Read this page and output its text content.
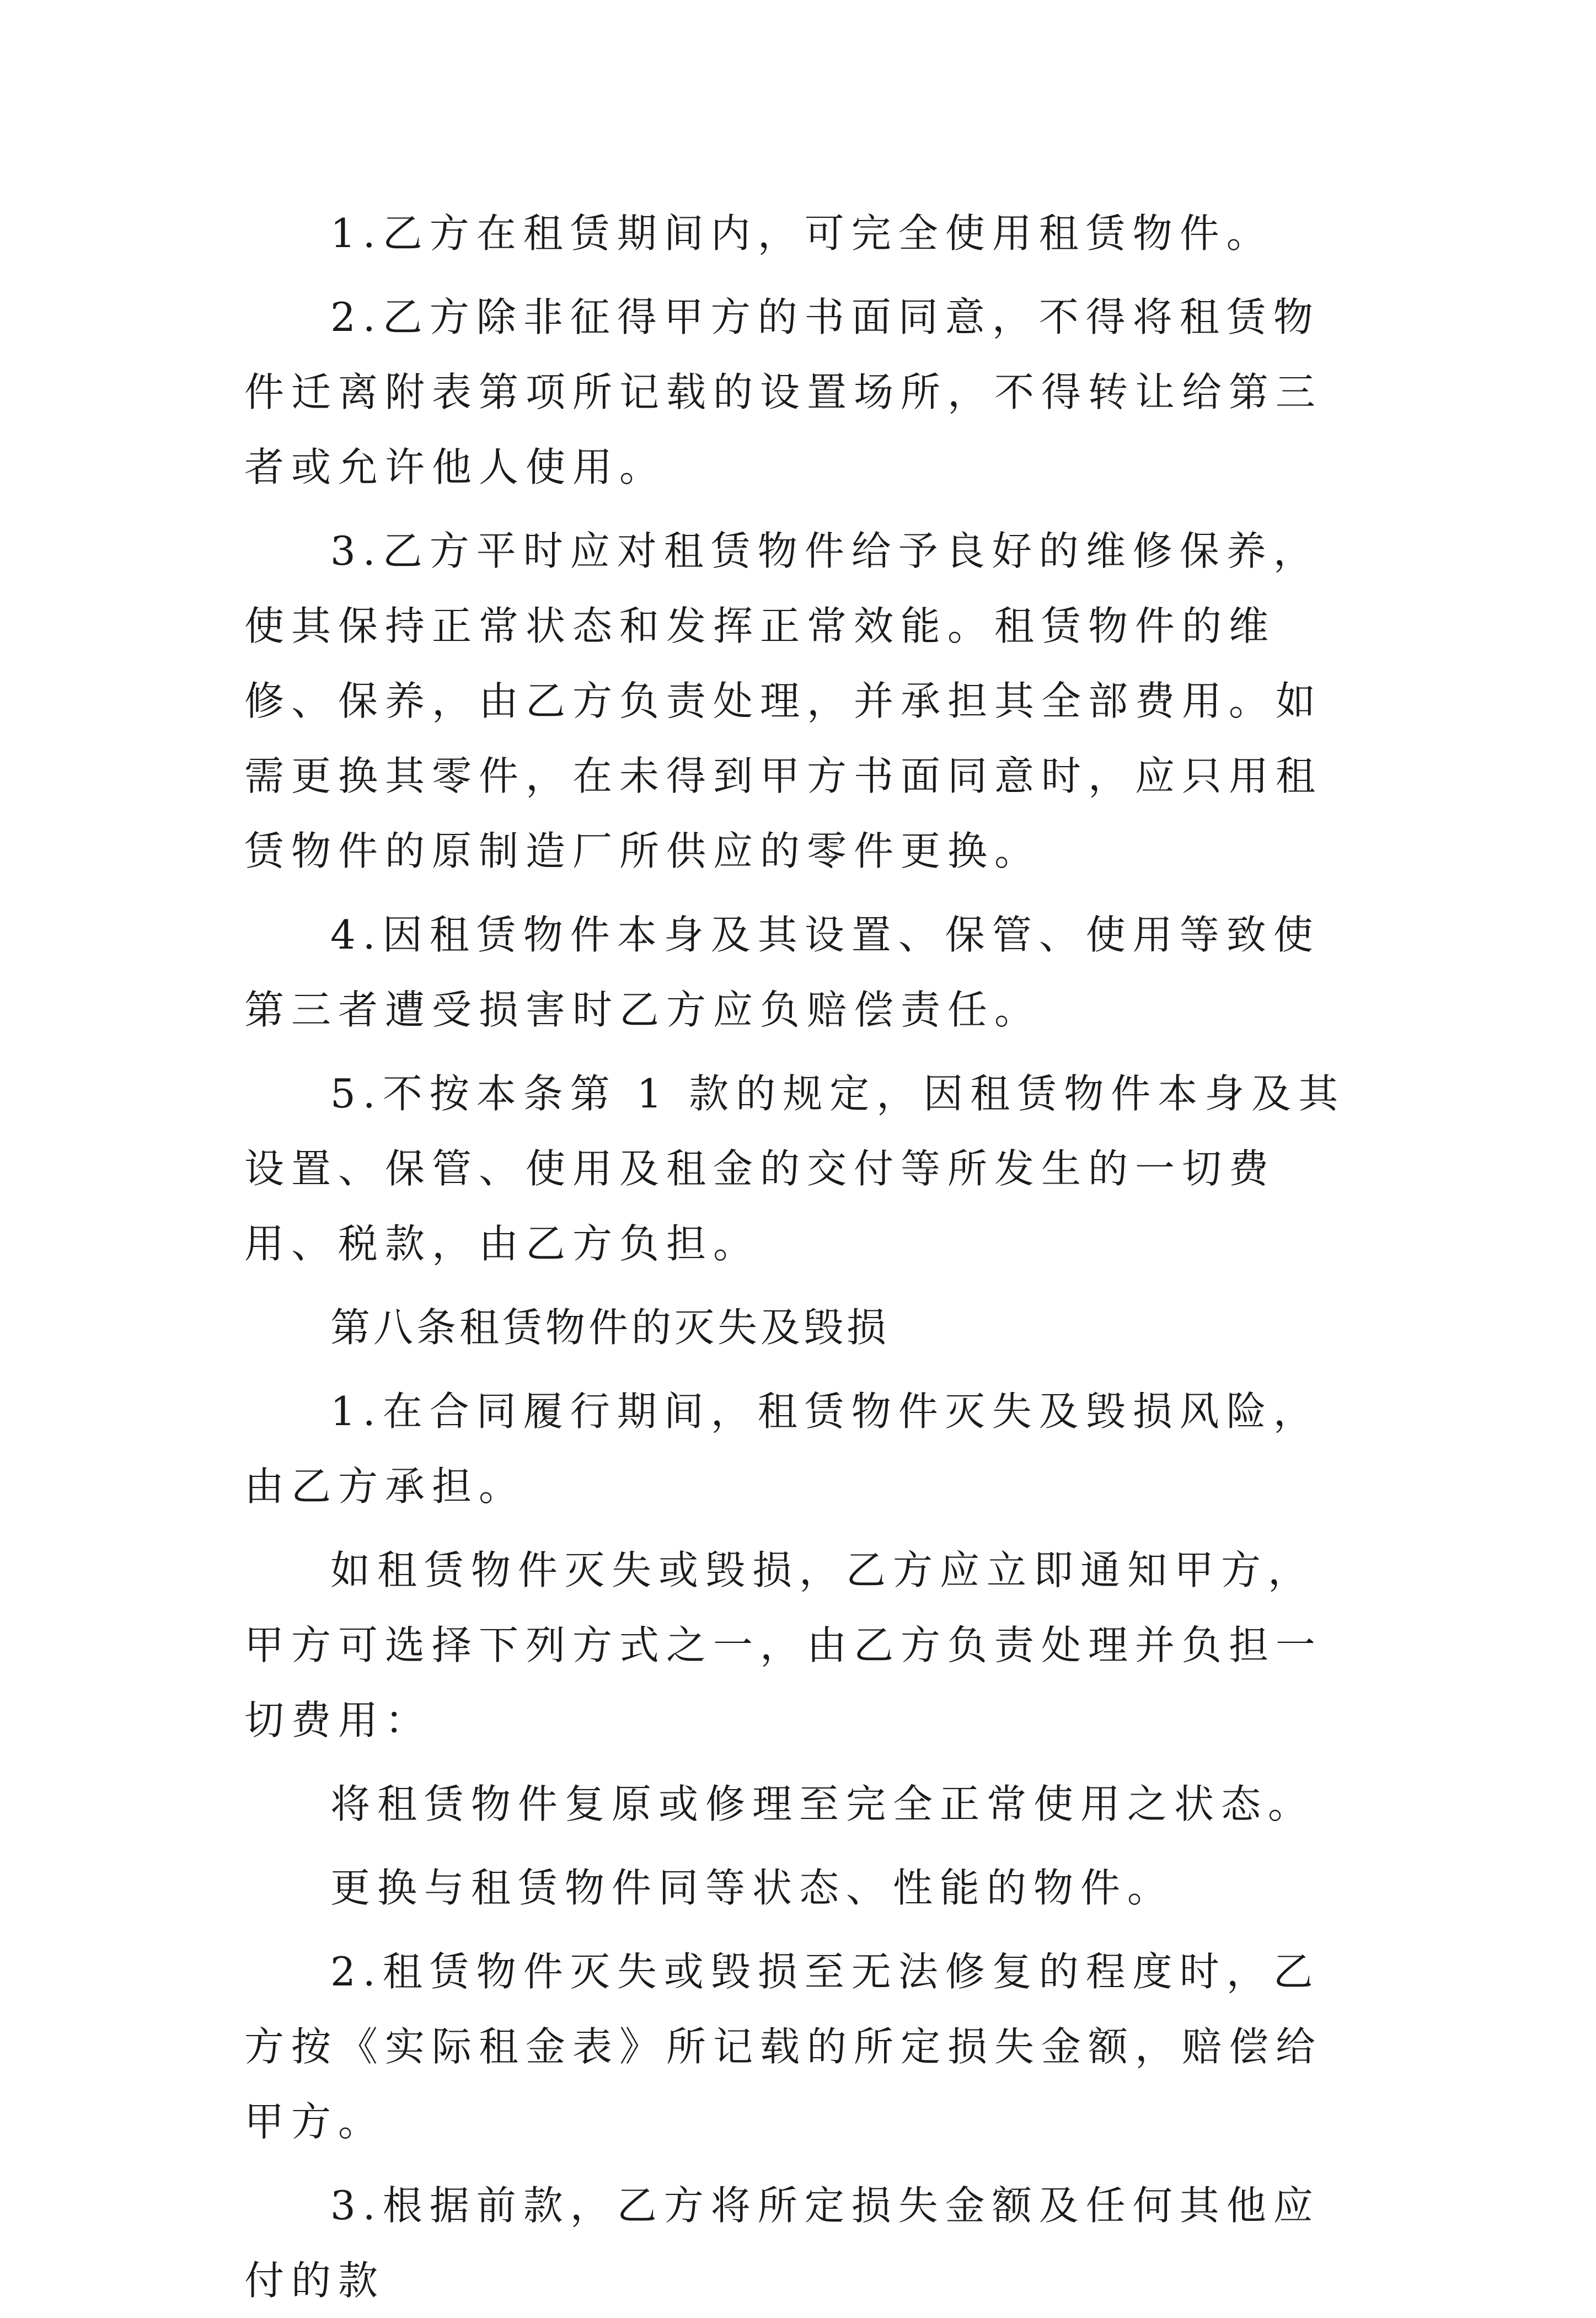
1.乙方在租赁期间内，可完全使用租赁物件。

2.乙方除非征得甲方的书面同意，不得将租赁物件迁离附表第项所记载的设置场所，不得转让给第三者或允许他人使用。

3.乙方平时应对租赁物件给予良好的维修保养，使其保持正常状态和发挥正常效能。租赁物件的维修、保养，由乙方负责处理，并承担其全部费用。如需更换其零件，在未得到甲方书面同意时，应只用租赁物件的原制造厂所供应的零件更换。

4.因租赁物件本身及其设置、保管、使用等致使第三者遭受损害时乙方应负赔偿责任。

5.不按本条第 1 款的规定，因租赁物件本身及其设置、保管、使用及租金的交付等所发生的一切费用、税款，由乙方负担。

第八条租赁物件的灭失及毁损

1.在合同履行期间，租赁物件灭失及毁损风险，由乙方承担。

如租赁物件灭失或毁损，乙方应立即通知甲方，甲方可选择下列方式之一，由乙方负责处理并负担一切费用：

将租赁物件复原或修理至完全正常使用之状态。

更换与租赁物件同等状态、性能的物件。

2.租赁物件灭失或毁损至无法修复的程度时，乙方按《实际租金表》所记载的所定损失金额，赔偿给甲方。

3.根据前款，乙方将所定损失金额及任何其他应付的款
